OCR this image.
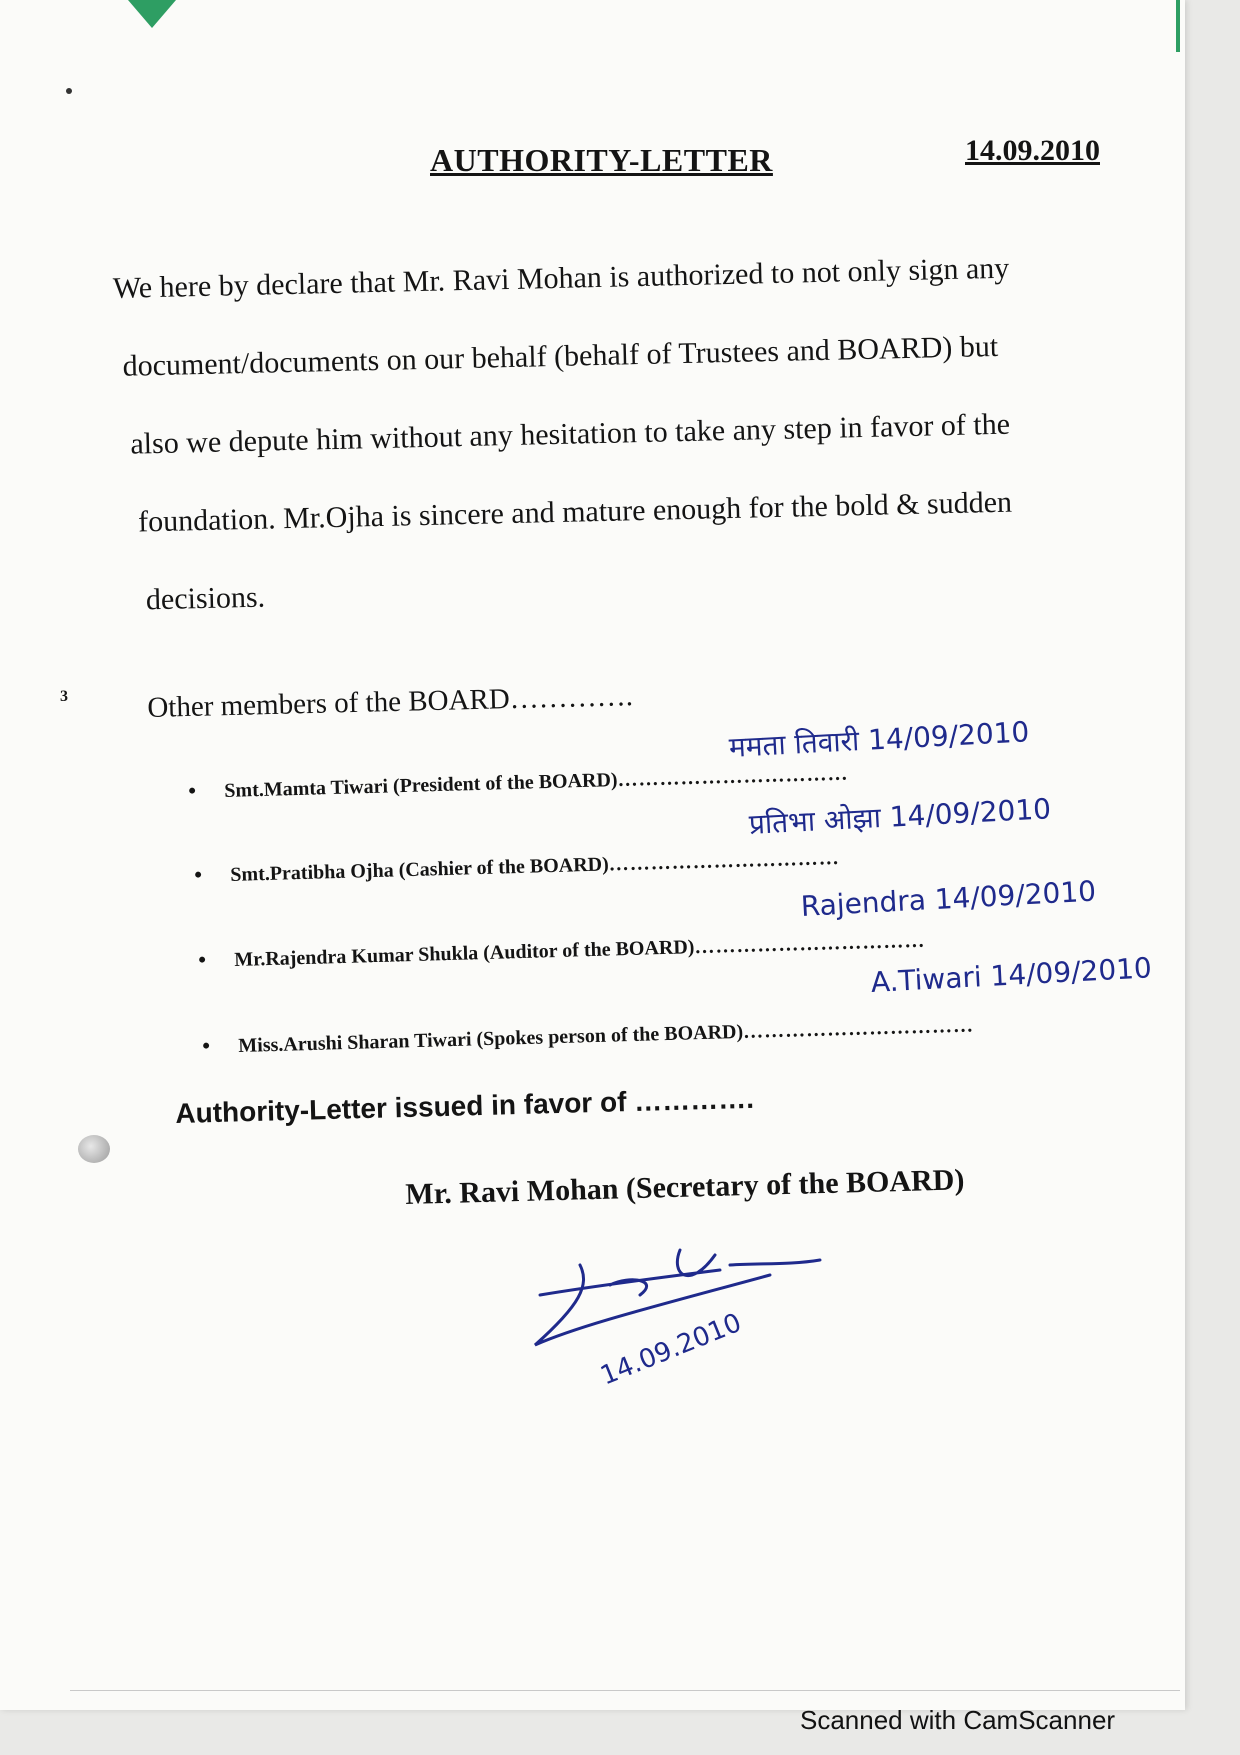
3
AUTHORITY-LETTER	14.09.2010
We here by declare that Mr. Ravi Mohan is authorized to not only sign any
document/documents on our behalf (behalf of Trustees and BOARD) but
also we depute him without any hesitation to take any step in favor of the
foundation. Mr.Ojha is sincere and mature enough for the bold & sudden
decisions.
Other members of the BOARD………….
• Smt.Mamta Tiwari (President of the BOARD)……………………………
ममता तिवारी 14/09/2010
• Smt.Pratibha Ojha (Cashier of the BOARD)……………………………
प्रतिभा ओझा 14/09/2010
• Mr.Rajendra Kumar Shukla (Auditor of the BOARD)……………………………
Rajendra 14/09/2010
• Miss.Arushi Sharan Tiwari (Spokes person of the BOARD)……………………………
A.Tiwari 14/09/2010
Authority-Letter issued in favor of ………….
Mr. Ravi Mohan (Secretary of the BOARD)
14.09.2010
Scanned with CamScanner
